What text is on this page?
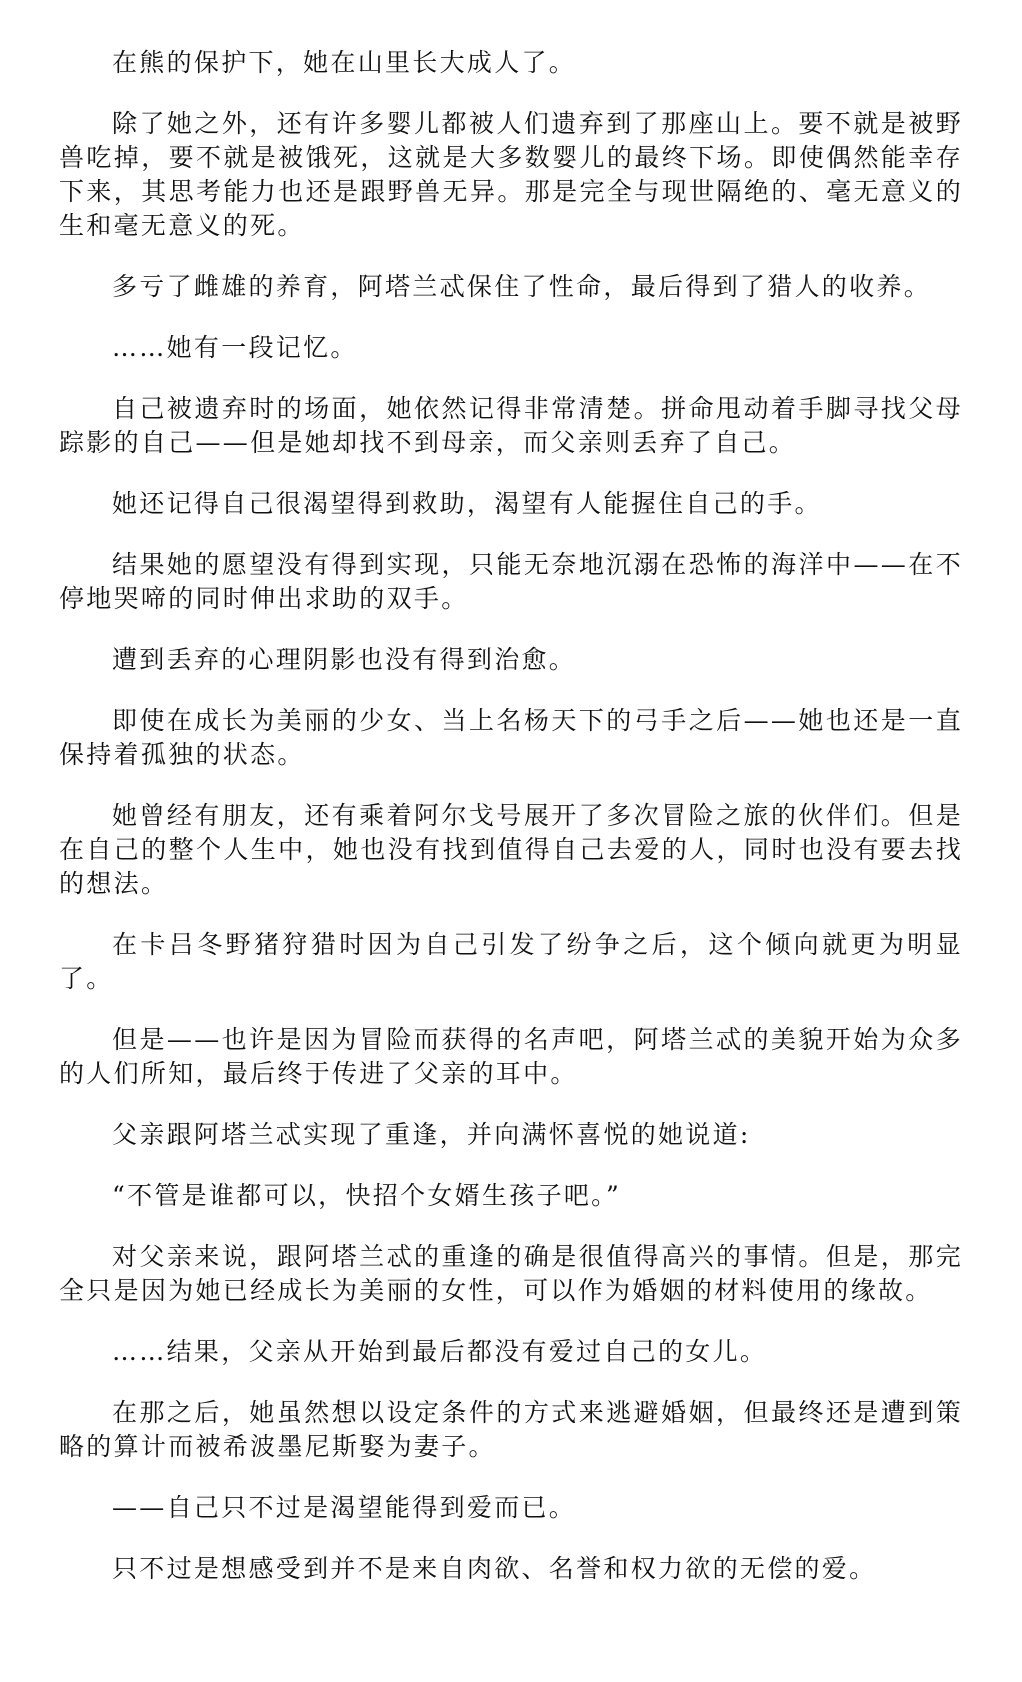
在熊的保护下，她在山里长大成人了。

除了她之外，还有许多婴儿都被人们遗弃到了那座山上。要不就是被野兽吃掉，要不就是被饿死，这就是大多数婴儿的最终下场。即使偶然能幸存下来，其思考能力也还是跟野兽无异。那是完全与现世隔绝的、毫无意义的生和毫无意义的死。

多亏了雌雄的养育，阿塔兰忒保住了性命，最后得到了猎人的收养。

……她有一段记忆。

自己被遗弃时的场面，她依然记得非常清楚。拼命甩动着手脚寻找父母踪影的自己——但是她却找不到母亲，而父亲则丢弃了自己。

她还记得自己很渴望得到救助，渴望有人能握住自己的手。

结果她的愿望没有得到实现，只能无奈地沉溺在恐怖的海洋中——在不停地哭啼的同时伸出求助的双手。

遭到丢弃的心理阴影也没有得到治愈。

即使在成长为美丽的少女、当上名杨天下的弓手之后——她也还是一直保持着孤独的状态。

她曾经有朋友，还有乘着阿尔戈号展开了多次冒险之旅的伙伴们。但是在自己的整个人生中，她也没有找到值得自己去爱的人，同时也没有要去找的想法。

在卡吕冬野猪狩猎时因为自己引发了纷争之后，这个倾向就更为明显了。

但是——也许是因为冒险而获得的名声吧，阿塔兰忒的美貌开始为众多的人们所知，最后终于传进了父亲的耳中。

父亲跟阿塔兰忒实现了重逢，并向满怀喜悦的她说道:

“不管是谁都可以，快招个女婿生孩子吧。”

对父亲来说，跟阿塔兰忒的重逢的确是很值得高兴的事情。但是，那完全只是因为她已经成长为美丽的女性，可以作为婚姻的材料使用的缘故。

……结果，父亲从开始到最后都没有爱过自己的女儿。

在那之后，她虽然想以设定条件的方式来逃避婚姻，但最终还是遭到策略的算计而被希波墨尼斯娶为妻子。

——自己只不过是渴望能得到爱而已。

只不过是想感受到并不是来自肉欲、名誉和权力欲的无偿的爱。
